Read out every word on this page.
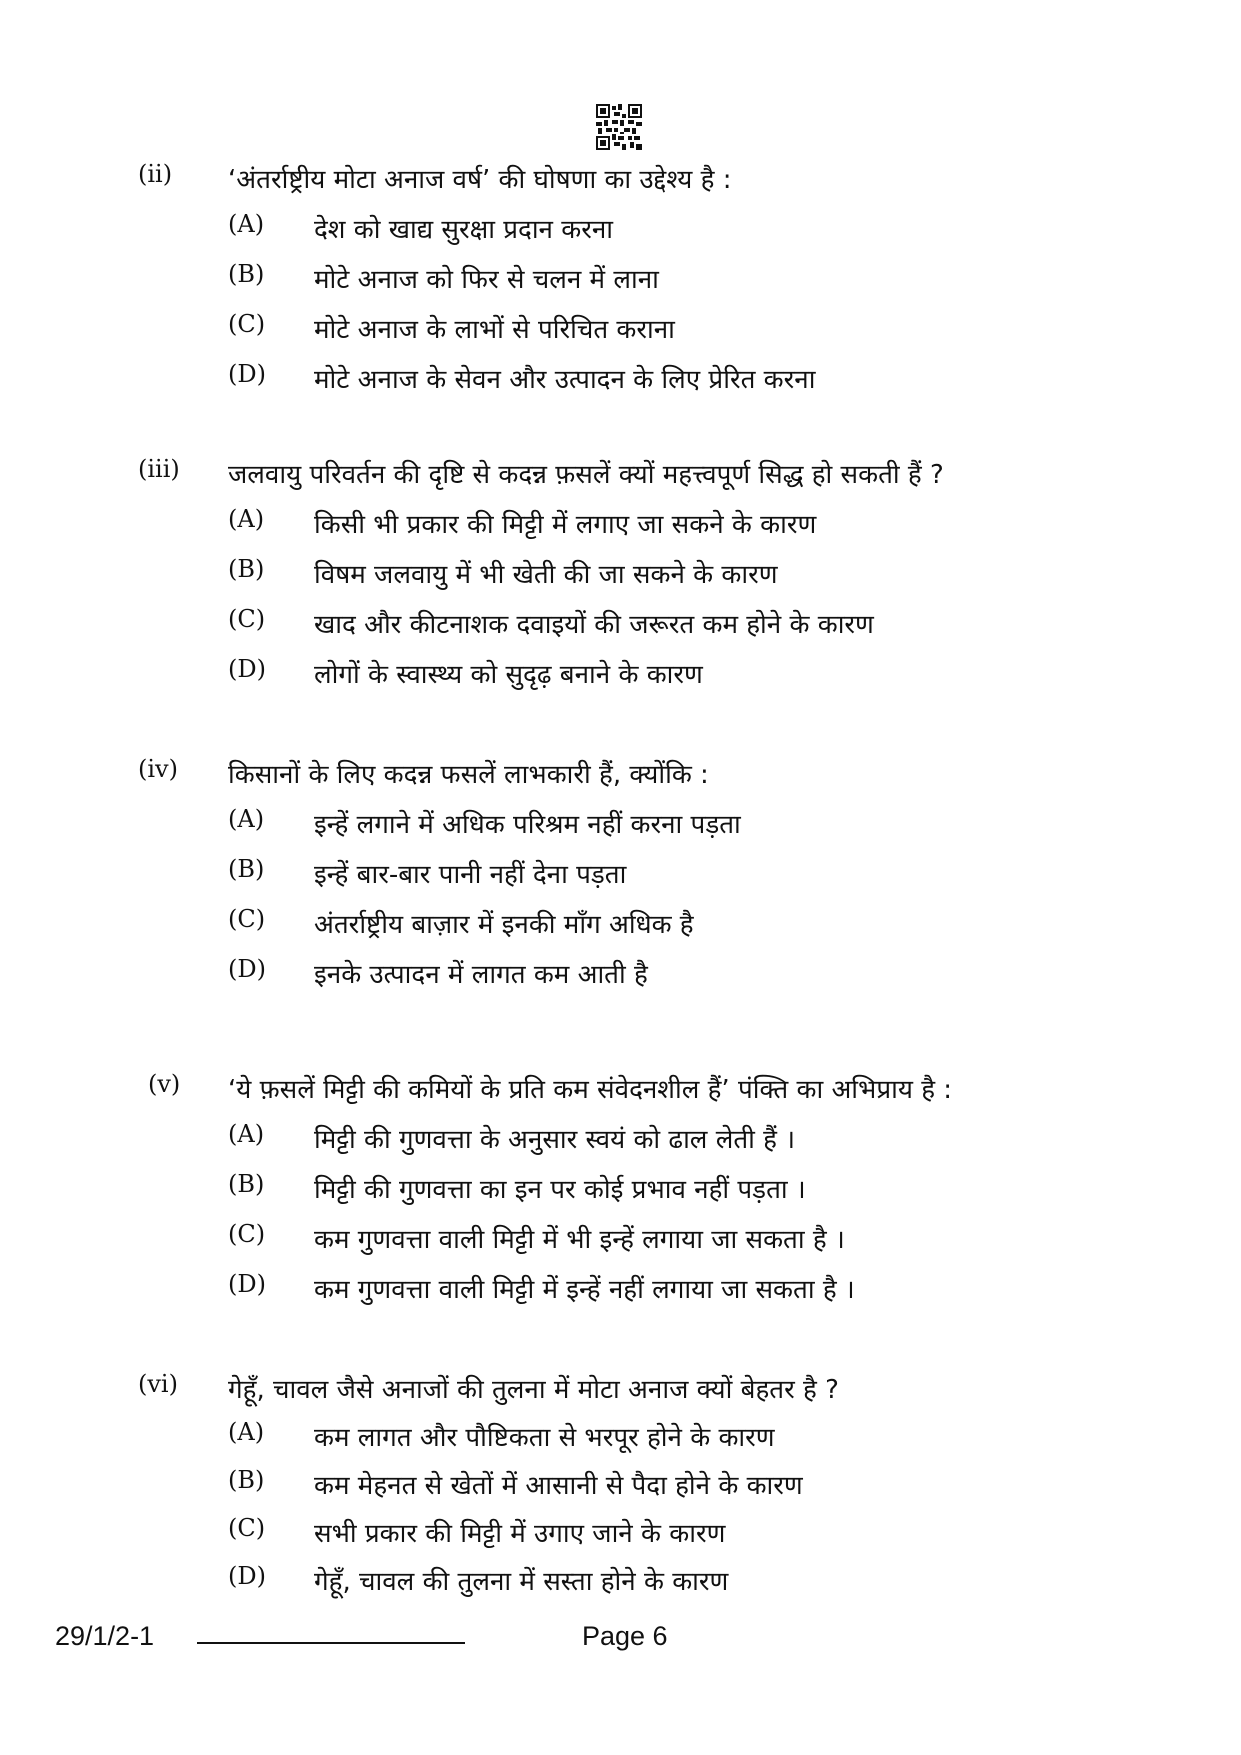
(ii) ‘अंतर्राष्ट्रीय मोटा अनाज वर्ष’ की घोषणा का उद्देश्य है :
(A) देश को खाद्य सुरक्षा प्रदान करना
(B) मोटे अनाज को फिर से चलन में लाना
(C) मोटे अनाज के लाभों से परिचित कराना
(D) मोटे अनाज के सेवन और उत्पादन के लिए प्रेरित करना
(iii) जलवायु परिवर्तन की दृष्टि से कदन्न फ़सलें क्यों महत्त्वपूर्ण सिद्ध हो सकती हैं ?
(A) किसी भी प्रकार की मिट्टी में लगाए जा सकने के कारण
(B) विषम जलवायु में भी खेती की जा सकने के कारण
(C) खाद और कीटनाशक दवाइयों की जरूरत कम होने के कारण
(D) लोगों के स्वास्थ्य को सुदृढ़ बनाने के कारण
(iv) किसानों के लिए कदन्न फसलें लाभकारी हैं, क्योंकि :
(A) इन्हें लगाने में अधिक परिश्रम नहीं करना पड़ता
(B) इन्हें बार-बार पानी नहीं देना पड़ता
(C) अंतर्राष्ट्रीय बाज़ार में इनकी माँग अधिक है
(D) इनके उत्पादन में लागत कम आती है
(v) ‘ये फ़सलें मिट्टी की कमियों के प्रति कम संवेदनशील हैं’ पंक्ति का अभिप्राय है :
(A) मिट्टी की गुणवत्ता के अनुसार स्वयं को ढाल लेती हैं ।
(B) मिट्टी की गुणवत्ता का इन पर कोई प्रभाव नहीं पड़ता ।
(C) कम गुणवत्ता वाली मिट्टी में भी इन्हें लगाया जा सकता है ।
(D) कम गुणवत्ता वाली मिट्टी में इन्हें नहीं लगाया जा सकता है ।
(vi) गेहूँ, चावल जैसे अनाजों की तुलना में मोटा अनाज क्यों बेहतर है ?
(A) कम लागत और पौष्टिकता से भरपूर होने के कारण
(B) कम मेहनत से खेतों में आसानी से पैदा होने के कारण
(C) सभी प्रकार की मिट्टी में उगाए जाने के कारण
(D) गेहूँ, चावल की तुलना में सस्ता होने के कारण
29/1/2-1	Page 6
